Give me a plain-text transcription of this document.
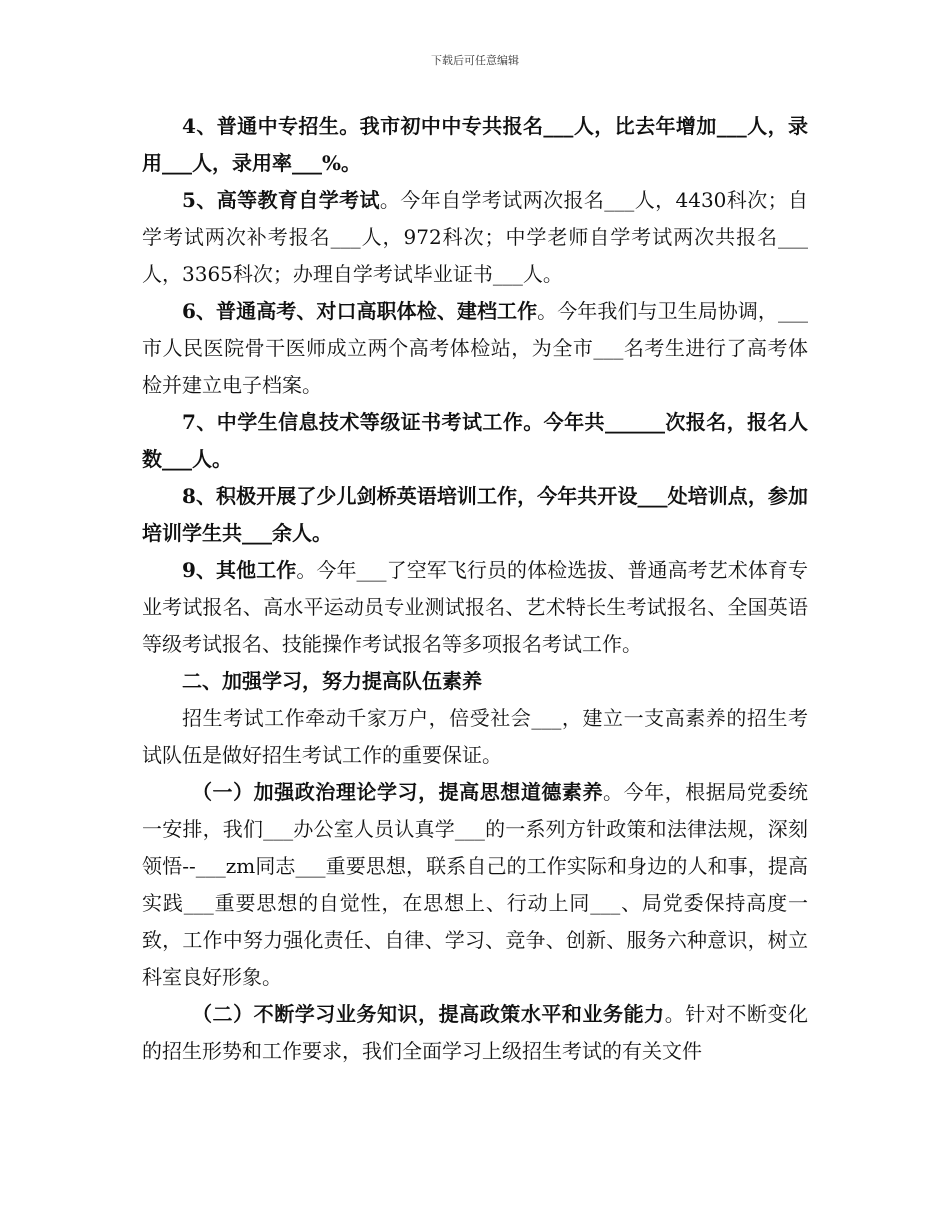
下载后可任意编辑

4、普通中专招生。我市初中中专共报名___人，比去年增加___人，录用___人，录用率___%。

5、高等教育自学考试。今年自学考试两次报名___人，4430科次；自学考试两次补考报名___人，972科次；中学老师自学考试两次共报名___人，3365科次；办理自学考试毕业证书___人。

6、普通高考、对口高职体检、建档工作。今年我们与卫生局协调，___市人民医院骨干医师成立两个高考体检站，为全市___名考生进行了高考体检并建立电子档案。

7、中学生信息技术等级证书考试工作。今年共______次报名，报名人数___人。

8、积极开展了少儿剑桥英语培训工作，今年共开设___处培训点，参加培训学生共___余人。

9、其他工作。今年___了空军飞行员的体检选拔、普通高考艺术体育专业考试报名、高水平运动员专业测试报名、艺术特长生考试报名、全国英语等级考试报名、技能操作考试报名等多项报名考试工作。

二、加强学习，努力提高队伍素养

招生考试工作牵动千家万户，倍受社会___，建立一支高素养的招生考试队伍是做好招生考试工作的重要保证。

（一）加强政治理论学习，提高思想道德素养。今年，根据局党委统一安排，我们___办公室人员认真学___的一系列方针政策和法律法规，深刻领悟--___zm同志___重要思想，联系自己的工作实际和身边的人和事，提高实践___重要思想的自觉性，在思想上、行动上同___、局党委保持高度一致，工作中努力强化责任、自律、学习、竞争、创新、服务六种意识，树立科室良好形象。

（二）不断学习业务知识，提高政策水平和业务能力。针对不断变化的招生形势和工作要求，我们全面学习上级招生考试的有关文件
